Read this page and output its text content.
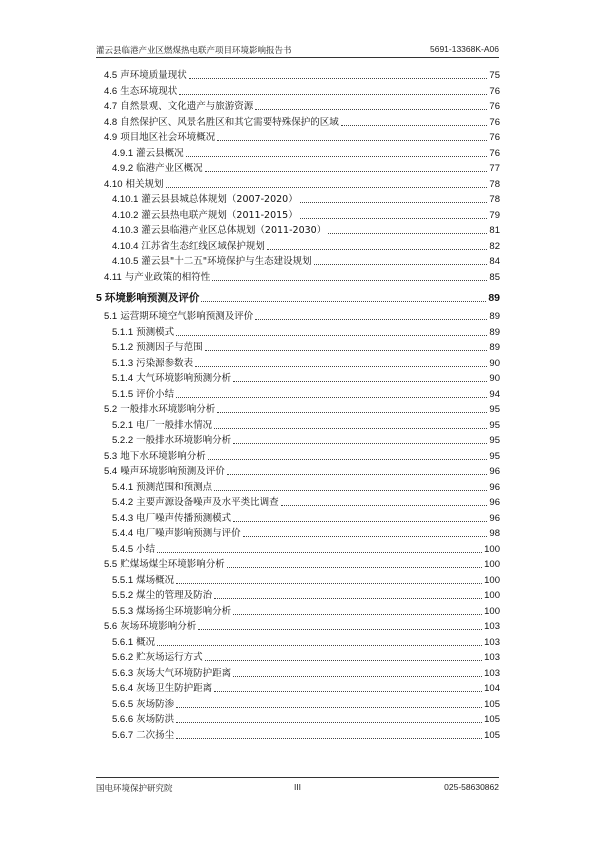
灌云县临港产业区燃煤热电联产项目环境影响报告书	5691-13368K-A06
4.5 声环境质量现状	75
4.6 生态环境现状	76
4.7 自然景观、文化遗产与旅游资源	76
4.8 自然保护区、风景名胜区和其它需要特殊保护的区域	76
4.9 项目地区社会环境概况	76
4.9.1 灌云县概况	76
4.9.2 临港产业区概况	77
4.10 相关规划	78
4.10.1 灌云县县城总体规划（2007-2020）	78
4.10.2 灌云县热电联产规划（2011-2015）	79
4.10.3 灌云县临港产业区总体规划（2011-2030）	81
4.10.4 江苏省生态红线区域保护规划	82
4.10.5 灌云县"十二五"环境保护与生态建设规划	84
4.11 与产业政策的相符性	85
5 环境影响预测及评价	89
5.1 运营期环境空气影响预测及评价	89
5.1.1 预测模式	89
5.1.2 预测因子与范围	89
5.1.3 污染源参数表	90
5.1.4 大气环境影响预测分析	90
5.1.5 评价小结	94
5.2 一般排水环境影响分析	95
5.2.1 电厂一般排水情况	95
5.2.2 一般排水环境影响分析	95
5.3 地下水环境影响分析	95
5.4 噪声环境影响预测及评价	96
5.4.1 预测范围和预测点	96
5.4.2 主要声源设备噪声及水平类比调查	96
5.4.3 电厂噪声传播预测模式	96
5.4.4 电厂噪声影响预测与评价	98
5.4.5 小结	100
5.5 贮煤场煤尘环境影响分析	100
5.5.1 煤场概况	100
5.5.2 煤尘的管理及防治	100
5.5.3 煤场扬尘环境影响分析	100
5.6 灰场环境影响分析	103
5.6.1 概况	103
5.6.2 贮灰场运行方式	103
5.6.3 灰场大气环境防护距离	103
5.6.4 灰场卫生防护距离	104
5.6.5 灰场防渗	105
5.6.6 灰场防洪	105
5.6.7 二次扬尘	105
国电环境保护研究院	III	025-58630862
